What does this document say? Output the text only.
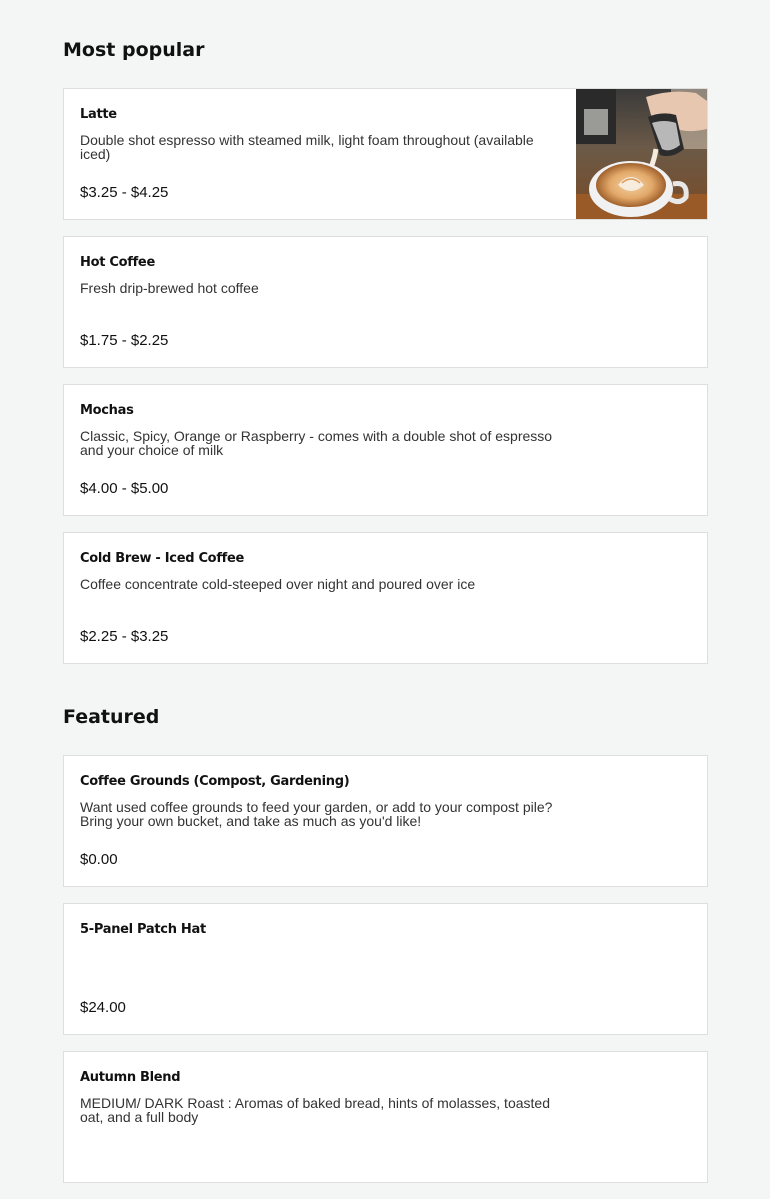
Most popular
Latte
Double shot espresso with steamed milk, light foam throughout (available iced)
$3.25 - $4.25
Hot Coffee
Fresh drip-brewed hot coffee
$1.75 - $2.25
Mochas
Classic, Spicy, Orange or Raspberry - comes with a double shot of espresso and your choice of milk
$4.00 - $5.00
Cold Brew - Iced Coffee
Coffee concentrate cold-steeped over night and poured over ice
$2.25 - $3.25
Featured
Coffee Grounds (Compost, Gardening)
Want used coffee grounds to feed your garden, or add to your compost pile? Bring your own bucket, and take as much as you'd like!
$0.00
5-Panel Patch Hat
$24.00
Autumn Blend
MEDIUM/ DARK Roast : Aromas of baked bread, hints of molasses, toasted oat, and a full body
